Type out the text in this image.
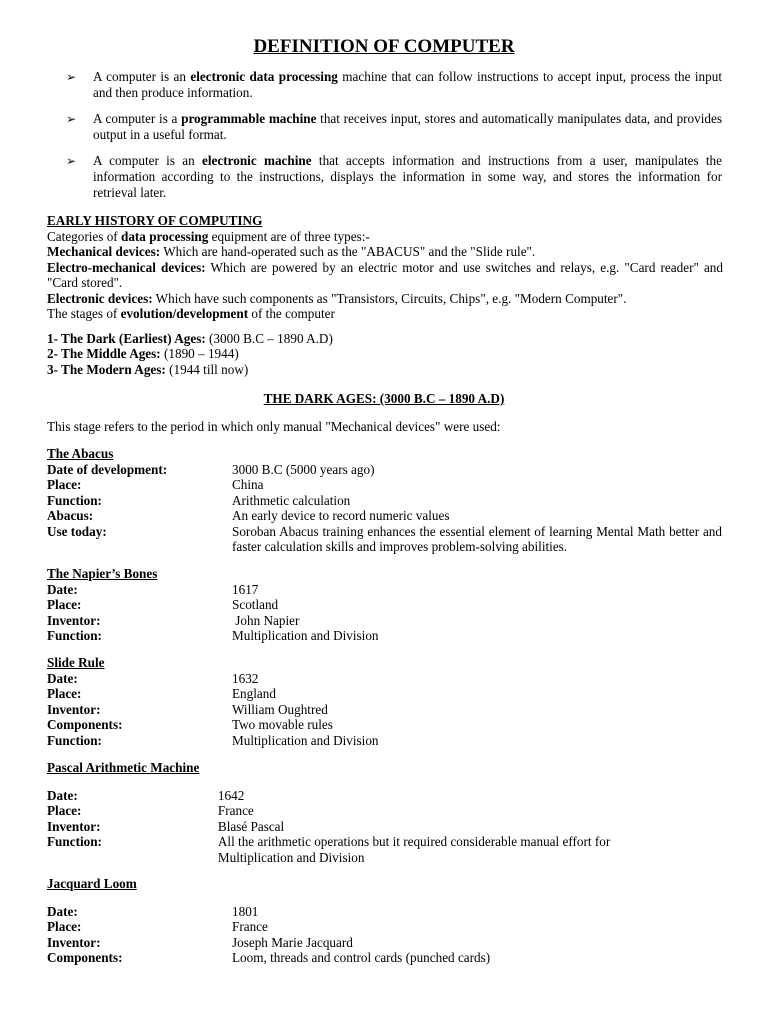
DEFINITION OF COMPUTER
➢ A computer is an electronic data processing machine that can follow instructions to accept input, process the input and then produce information.
➢ A computer is a programmable machine that receives input, stores and automatically manipulates data, and provides output in a useful format.
➢ A computer is an electronic machine that accepts information and instructions from a user, manipulates the information according to the instructions, displays the information in some way, and stores the information for retrieval later.
EARLY HISTORY OF COMPUTING
Categories of data processing equipment are of three types:-
Mechanical devices: Which are hand-operated such as the "ABACUS" and the "Slide rule".
Electro-mechanical devices: Which are powered by an electric motor and use switches and relays, e.g. "Card reader" and "Card stored".
Electronic devices: Which have such components as "Transistors, Circuits, Chips", e.g. "Modern Computer".
The stages of evolution/development of the computer
1- The Dark (Earliest) Ages: (3000 B.C – 1890 A.D)
2- The Middle Ages: (1890 – 1944)
3- The Modern Ages: (1944 till now)
THE DARK AGES: (3000 B.C – 1890 A.D)
This stage refers to the period in which only manual "Mechanical devices" were used:
The Abacus
Date of development:	3000 B.C (5000 years ago)
Place:	China
Function:	Arithmetic calculation
Abacus:	An early device to record numeric values
Use today:	Soroban Abacus training enhances the essential element of learning Mental Math better and faster calculation skills and improves problem-solving abilities.
The Napier’s Bones
Date:	1617
Place:	Scotland
Inventor:	John Napier
Function:	Multiplication and Division
Slide Rule
Date:	1632
Place:	England
Inventor:	William Oughtred
Components:	Two movable rules
Function:	Multiplication and Division
Pascal Arithmetic Machine
Date:	1642
Place:	France
Inventor:	Blasé Pascal
Function:	All the arithmetic operations but it required considerable manual effort for Multiplication and Division
Jacquard Loom
Date:	1801
Place:	France
Inventor:	Joseph Marie Jacquard
Components:	Loom, threads and control cards (punched cards)
